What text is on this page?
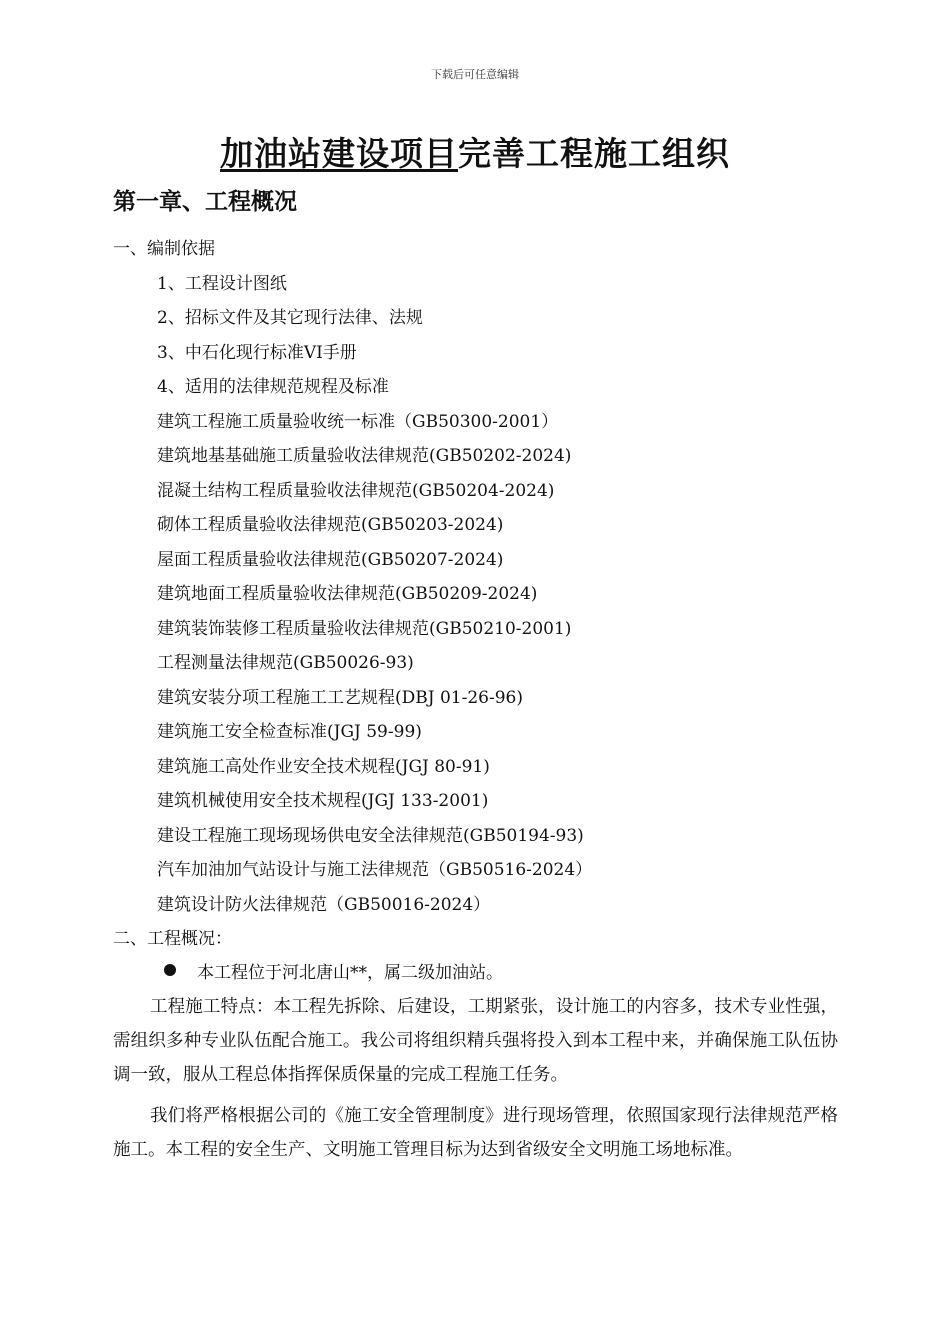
下载后可任意编辑
加油站建设项目完善工程施工组织
第一章、工程概况
一、编制依据
1、工程设计图纸
2、招标文件及其它现行法律、法规
3、中石化现行标准VI手册
4、适用的法律规范规程及标准
建筑工程施工质量验收统一标准（GB50300-2001）
建筑地基基础施工质量验收法律规范(GB50202-2024)
混凝土结构工程质量验收法律规范(GB50204-2024)
砌体工程质量验收法律规范(GB50203-2024)
屋面工程质量验收法律规范(GB50207-2024)
建筑地面工程质量验收法律规范(GB50209-2024)
建筑装饰装修工程质量验收法律规范(GB50210-2001)
工程测量法律规范(GB50026-93)
建筑安装分项工程施工工艺规程(DBJ 01-26-96)
建筑施工安全检查标准(JGJ 59-99)
建筑施工高处作业安全技术规程(JGJ 80-91)
建筑机械使用安全技术规程(JGJ 133-2001)
建设工程施工现场现场供电安全法律规范(GB50194-93)
汽车加油加气站设计与施工法律规范（GB50516-2024）
建筑设计防火法律规范（GB50016-2024）
二、工程概况：
本工程位于河北唐山**，属二级加油站。
工程施工特点：本工程先拆除、后建设，工期紧张，设计施工的内容多，技术专业性强，需组织多种专业队伍配合施工。我公司将组织精兵强将投入到本工程中来，并确保施工队伍协调一致，服从工程总体指挥保质保量的完成工程施工任务。
我们将严格根据公司的《施工安全管理制度》进行现场管理，依照国家现行法律规范严格施工。本工程的安全生产、文明施工管理目标为达到省级安全文明施工场地标准。
